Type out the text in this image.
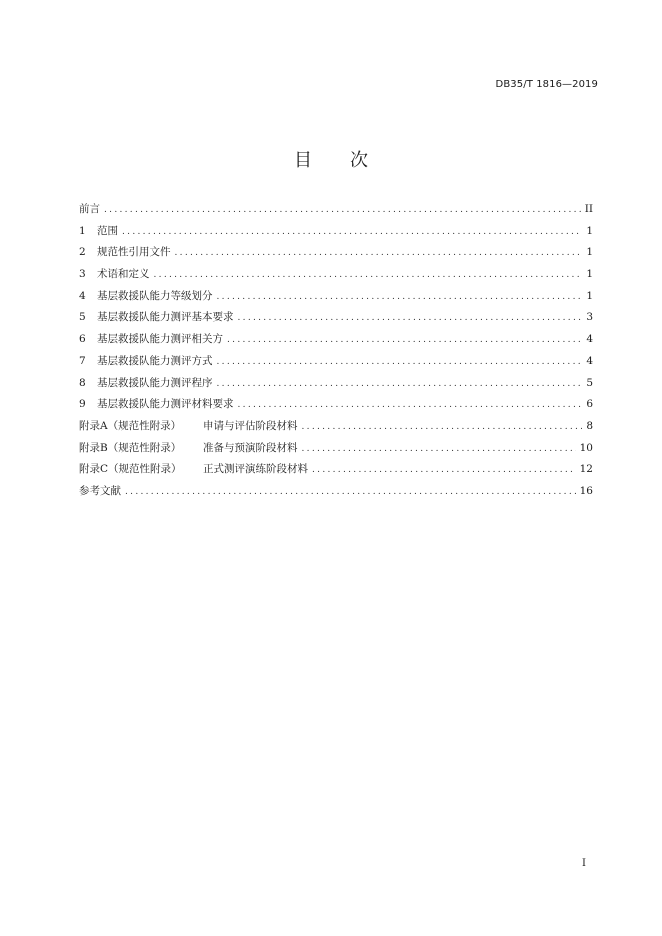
DB35/T 1816—2019
目 次
前言 .....	II
1	范围 .....	1
2	规范性引用文件 .....	1
3	术语和定义 .....	1
4	基层救援队能力等级划分 .....	1
5	基层救援队能力测评基本要求 .....	3
6	基层救援队能力测评相关方 .....	4
7	基层救援队能力测评方式 .....	4
8	基层救援队能力测评程序 .....	5
9	基层救援队能力测评材料要求 .....	6
附录A（规范性附录）	申请与评估阶段材料 .....	8
附录B（规范性附录）	准备与预演阶段材料 .....	10
附录C（规范性附录）	正式测评演练阶段材料 .....	12
参考文献 .....	16
I
